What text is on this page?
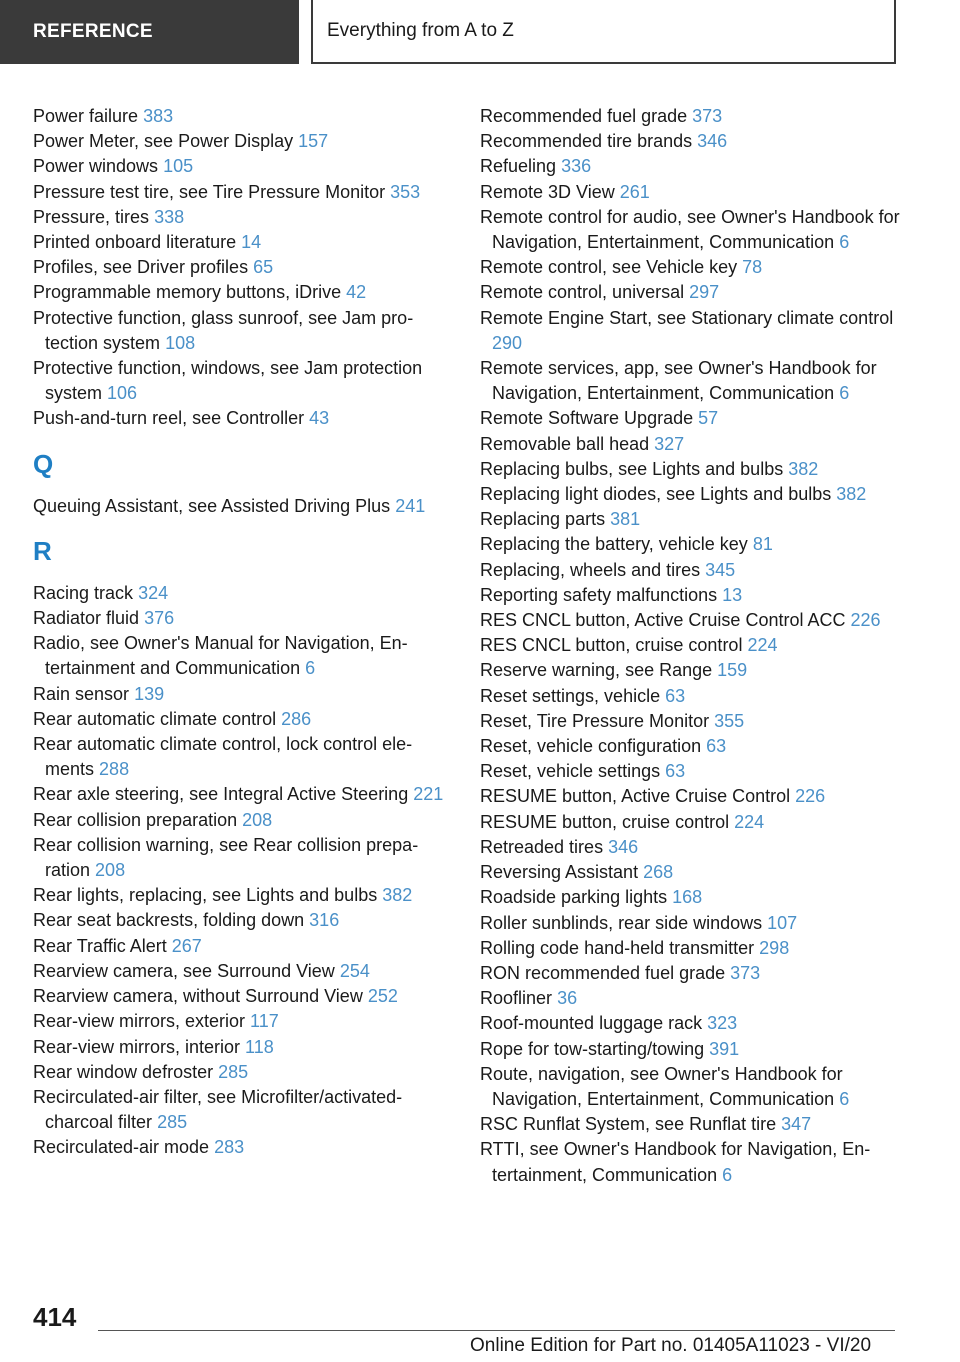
REFERENCE	Everything from A to Z

Power failure 383

Power Meter, see Power Display 157

Power windows 105

Pressure test tire, see Tire Pressure Monitor 353

Pressure, tires 338

Printed onboard literature 14

Profiles, see Driver profiles 65

Programmable memory buttons, iDrive 42

Protective function, glass sunroof, see Jam protection system 108

Protective function, windows, see Jam protection system 106

Push-and-turn reel, see Controller 43

Q

Queuing Assistant, see Assisted Driving Plus 241

R

Racing track 324

Radiator fluid 376

Radio, see Owner's Manual for Navigation, Entertainment and Communication 6

Rain sensor 139

Rear automatic climate control 286

Rear automatic climate control, lock control elements 288

Rear axle steering, see Integral Active Steering 221

Rear collision preparation 208

Rear collision warning, see Rear collision preparation 208

Rear lights, replacing, see Lights and bulbs 382

Rear seat backrests, folding down 316

Rear Traffic Alert 267

Rearview camera, see Surround View 254

Rearview camera, without Surround View 252

Rear-view mirrors, exterior 117

Rear-view mirrors, interior 118

Rear window defroster 285

Recirculated-air filter, see Microfilter/activated-charcoal filter 285

Recirculated-air mode 283

Recommended fuel grade 373

Recommended tire brands 346

Refueling 336

Remote 3D View 261

Remote control for audio, see Owner's Handbook for Navigation, Entertainment, Communication 6

Remote control, see Vehicle key 78

Remote control, universal 297

Remote Engine Start, see Stationary climate control 290

Remote services, app, see Owner's Handbook for Navigation, Entertainment, Communication 6

Remote Software Upgrade 57

Removable ball head 327

Replacing bulbs, see Lights and bulbs 382

Replacing light diodes, see Lights and bulbs 382

Replacing parts 381

Replacing the battery, vehicle key 81

Replacing, wheels and tires 345

Reporting safety malfunctions 13

RES CNCL button, Active Cruise Control ACC 226

RES CNCL button, cruise control 224

Reserve warning, see Range 159

Reset settings, vehicle 63

Reset, Tire Pressure Monitor 355

Reset, vehicle configuration 63

Reset, vehicle settings 63

RESUME button, Active Cruise Control 226

RESUME button, cruise control 224

Retreaded tires 346

Reversing Assistant 268

Roadside parking lights 168

Roller sunblinds, rear side windows 107

Rolling code hand-held transmitter 298

RON recommended fuel grade 373

Roofliner 36

Roof-mounted luggage rack 323

Rope for tow-starting/towing 391

Route, navigation, see Owner's Handbook for Navigation, Entertainment, Communication 6

RSC Runflat System, see Runflat tire 347

RTTI, see Owner's Handbook for Navigation, Entertainment, Communication 6

414
Online Edition for Part no. 01405A11023 - VI/20
